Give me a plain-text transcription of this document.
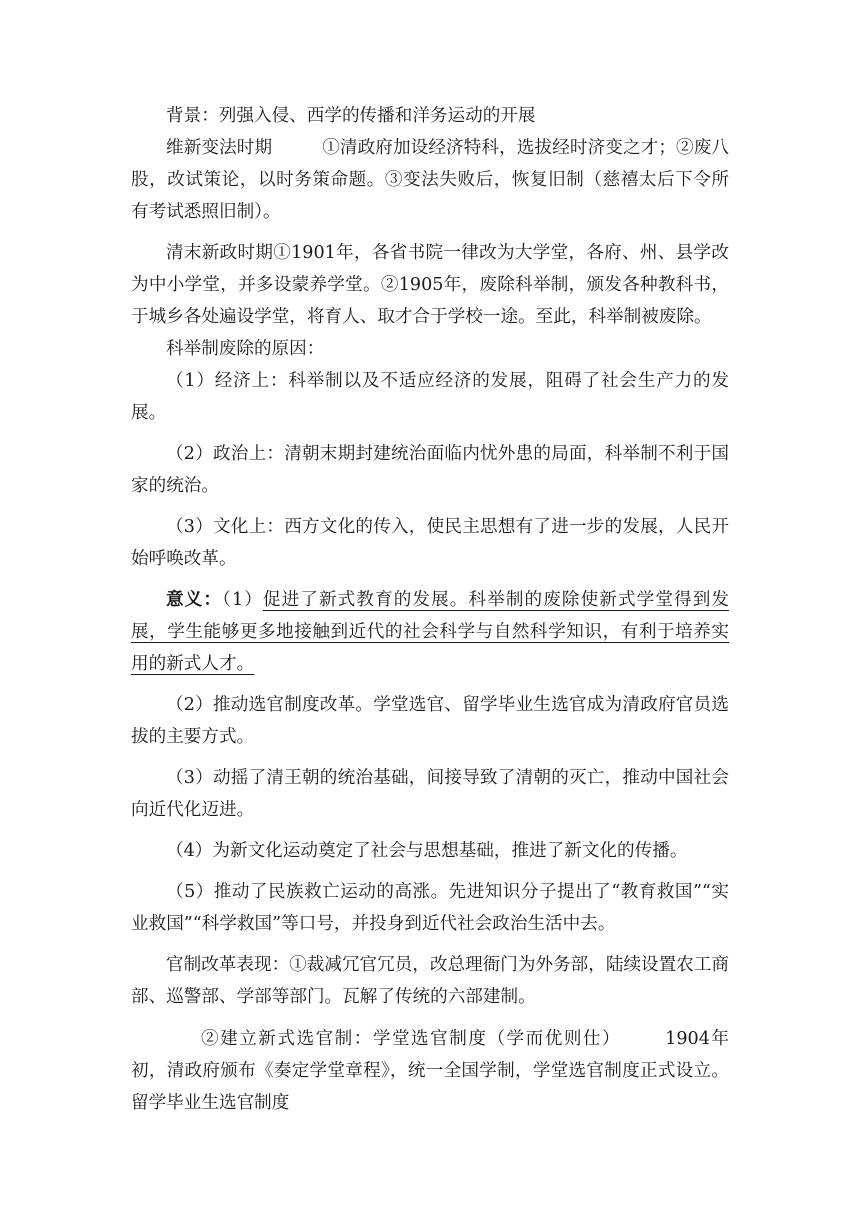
背景：列强入侵、西学的传播和洋务运动的开展

维新变法时期	①清政府加设经济特科，选拔经时济变之才；②废八股，改试策论，以时务策命题。③变法失败后，恢复旧制（慈禧太后下令所有考试悉照旧制）。

清末新政时期①1901年，各省书院一律改为大学堂，各府、州、县学改为中小学堂，并多设蒙养学堂。②1905年，废除科举制，颁发各种教科书，于城乡各处遍设学堂，将育人、取才合于学校一途。至此，科举制被废除。

科举制废除的原因：

（1）经济上：科举制以及不适应经济的发展，阻碍了社会生产力的发展。

（2）政治上：清朝末期封建统治面临内忧外患的局面，科举制不利于国家的统治。

（3）文化上：西方文化的传入，使民主思想有了进一步的发展，人民开始呼唤改革。

意义：（1）促进了新式教育的发展。科举制的废除使新式学堂得到发展，学生能够更多地接触到近代的社会科学与自然科学知识，有利于培养实用的新式人才。

（2）推动选官制度改革。学堂选官、留学毕业生选官成为清政府官员选拔的主要方式。

（3）动摇了清王朝的统治基础，间接导致了清朝的灭亡，推动中国社会向近代化迈进。

（4）为新文化运动奠定了社会与思想基础，推进了新文化的传播。

（5）推动了民族救亡运动的高涨。先进知识分子提出了“教育救国”“实业救国”“科学救国”等口号，并投身到近代社会政治生活中去。

官制改革表现：①裁减冗官冗员，改总理衙门为外务部，陆续设置农工商部、巡警部、学部等部门。瓦解了传统的六部建制。

②建立新式选官制：学堂选官制度（学而优则仕）	1904年初，清政府颁布《奏定学堂章程》，统一全国学制，学堂选官制度正式设立。留学毕业生选官制度
